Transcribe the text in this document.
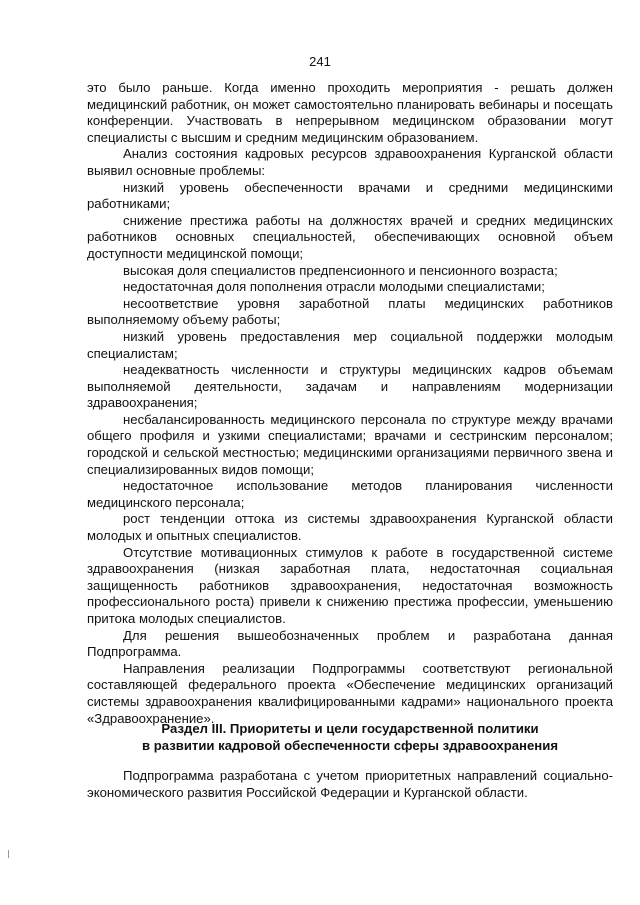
241

это было раньше. Когда именно проходить мероприятия - решать должен медицинский работник, он может самостоятельно планировать вебинары и посещать конференции. Участвовать в непрерывном медицинском образовании могут специалисты с высшим и средним медицинским образованием.

Анализ состояния кадровых ресурсов здравоохранения Курганской области выявил основные проблемы:

низкий уровень обеспеченности врачами и средними медицинскими работниками;

снижение престижа работы на должностях врачей и средних медицинских работников основных специальностей, обеспечивающих основной объем доступности медицинской помощи;

высокая доля специалистов предпенсионного и пенсионного возраста;

недостаточная доля пополнения отрасли молодыми специалистами;

несоответствие уровня заработной платы медицинских работников выполняемому объему работы;

низкий уровень предоставления мер социальной поддержки молодым специалистам;

неадекватность численности и структуры медицинских кадров объемам выполняемой деятельности, задачам и направлениям модернизации здравоохранения;

несбалансированность медицинского персонала по структуре между врачами общего профиля и узкими специалистами; врачами и сестринским персоналом; городской и сельской местностью; медицинскими организациями первичного звена и специализированных видов помощи;

недостаточное использование методов планирования численности медицинского персонала;

рост тенденции оттока из системы здравоохранения Курганской области молодых и опытных специалистов.

Отсутствие мотивационных стимулов к работе в государственной системе здравоохранения (низкая заработная плата, недостаточная социальная защищенность работников здравоохранения, недостаточная возможность профессионального роста) привели к снижению престижа профессии, уменьшению притока молодых специалистов.

Для решения вышеобозначенных проблем и разработана данная Подпрограмма.

Направления реализации Подпрограммы соответствуют региональной составляющей федерального проекта «Обеспечение медицинских организаций системы здравоохранения квалифицированными кадрами» национального проекта «Здравоохранение».

Раздел III. Приоритеты и цели государственной политики
в развитии кадровой обеспеченности сферы здравоохранения

Подпрограмма разработана с учетом приоритетных направлений социально-экономического развития Российской Федерации и Курганской области.
